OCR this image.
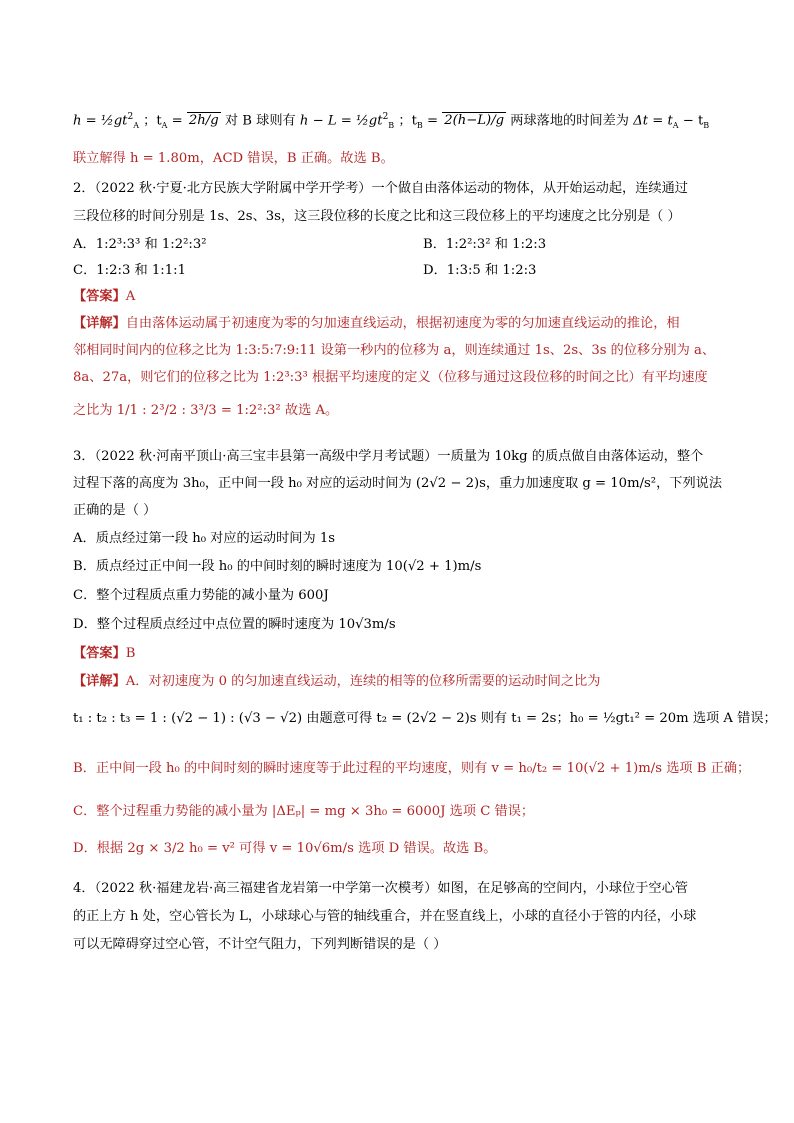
$h = \frac{1}{2}gt^2_A$ ；$t_A = 2h/g$ 对 B 球则有 $h - L = \frac{1}{2}gt^2_B$ ；$t_B = 2(h-L)/g$ 两球落地的时间差为 $\Delta t = t_A - t_B$
联立解得 h = 1.80m，ACD 错误，B 正确。故选 B。
2．（2022 秋·宁夏·北方民族大学附属中学开学考）一个做自由落体运动的物体，从开始运动起，连续通过
三段位移的时间分别是 1s、2s、3s，这三段位移的长度之比和这三段位移上的平均速度之比分别是（ ）
A．1:2³:3³ 和 1:2²:3²	B．1:2²:3² 和 1:2:3
C．1:2:3 和 1:1:1	D．1:3:5 和 1:2:3
【答案】A
【详解】自由落体运动属于初速度为零的匀加速直线运动，根据初速度为零的匀加速直线运动的推论，相
邻相同时间内的位移之比为 1:3:5:7:9:11 设第一秒内的位移为 a，则连续通过 1s、2s、3s 的位移分别为 a、
8a、27a，则它们的位移之比为 1:2³:3³ 根据平均速度的定义（位移与通过这段位移的时间之比）有平均速度
之比为 1/1 : 2³/2 : 3³/3 = 1:2²:3² 故选 A。
3．（2022 秋·河南平顶山·高三宝丰县第一高级中学月考试题）一质量为 10kg 的质点做自由落体运动，整个
过程下落的高度为 3h₀，正中间一段 h₀ 对应的运动时间为 (2√2 − 2)s，重力加速度取 g = 10m/s²，下列说法
正确的是（ ）
A．质点经过第一段 h₀ 对应的运动时间为 1s
B．质点经过正中间一段 h₀ 的中间时刻的瞬时速度为 10(√2 + 1)m/s
C．整个过程质点重力势能的减小量为 600J
D．整个过程质点经过中点位置的瞬时速度为 10√3m/s
【答案】B
【详解】A．对初速度为 0 的匀加速直线运动，连续的相等的位移所需要的运动时间之比为
t₁ : t₂ : t₃ = 1 : (√2 − 1) : (√3 − √2) 由题意可得 t₂ = (2√2 − 2)s 则有 t₁ = 2s；h₀ = ½gt₁² = 20m 选项 A 错误；
B．正中间一段 h₀ 的中间时刻的瞬时速度等于此过程的平均速度，则有 v = h₀/t₂ = 10(√2 + 1)m/s 选项 B 正确；
C．整个过程重力势能的减小量为 |ΔEₚ| = mg × 3h₀ = 6000J 选项 C 错误；
D．根据 2g × 3/2 h₀ = v² 可得 v = 10√6m/s 选项 D 错误。故选 B。
4．（2022 秋·福建龙岩·高三福建省龙岩第一中学第一次模考）如图，在足够高的空间内，小球位于空心管
的正上方 h 处，空心管长为 L，小球球心与管的轴线重合，并在竖直线上，小球的直径小于管的内径，小球
可以无障碍穿过空心管，不计空气阻力，下列判断错误的是（ ）
